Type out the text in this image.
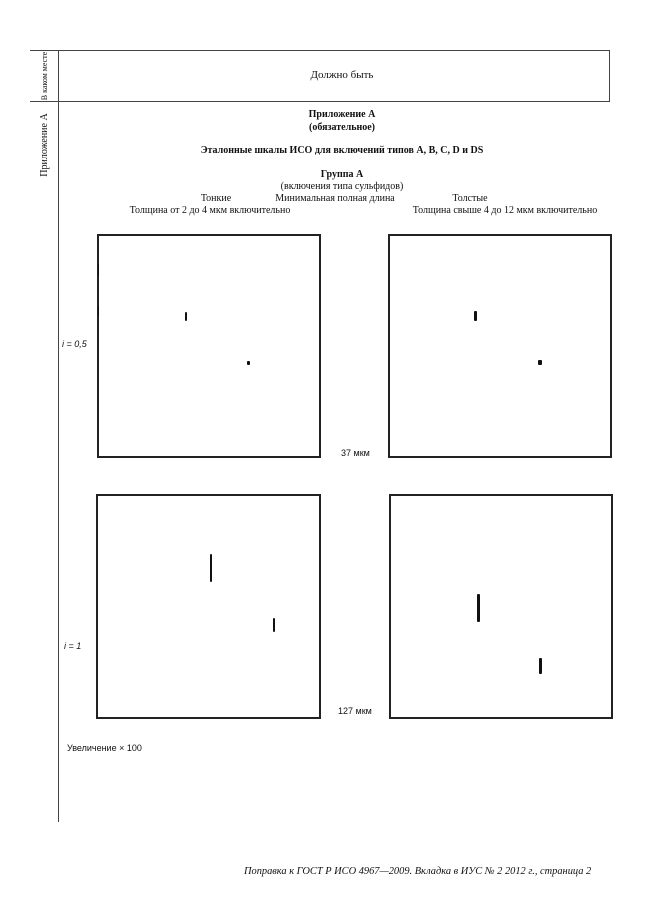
В каком месте
Приложение А
Должно быть
Приложение А
(обязательное)
Эталонные шкалы ИСО для включений типов A, B, C, D и DS
Группа А
(включения типа сульфидов)
Тонкие	Минимальная полная длина	Толстые
Толщина от 2 до 4 мкм включительно	Толщина свыше 4 до 12 мкм включительно
i = 0,5
37 мкм
i = 1
127 мкм
Увеличение × 100
Поправка к ГОСТ Р ИСО 4967—2009. Вкладка в ИУС № 2 2012 г., страница 2
